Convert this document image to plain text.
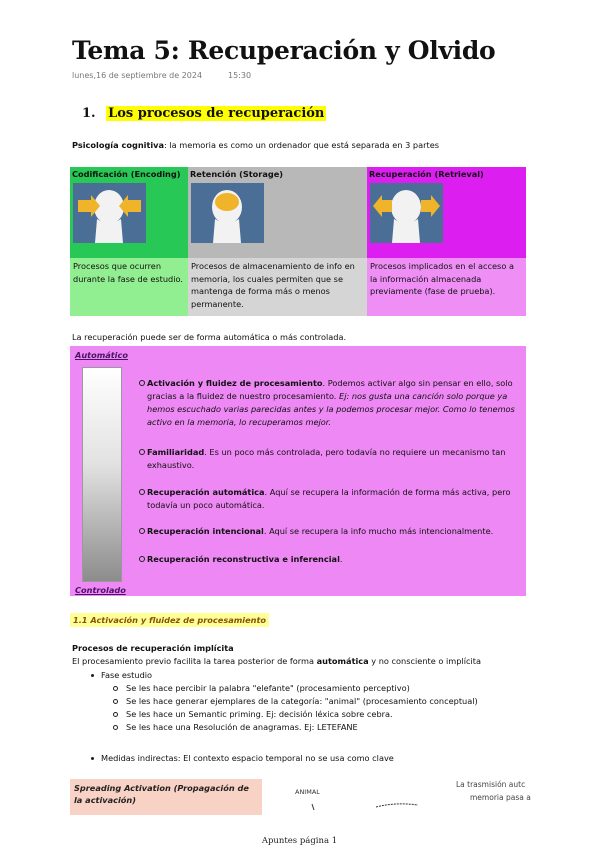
Tema 5: Recuperación y Olvido
lunes,16 de septiembre de 2024	15:30
1. Los procesos de recuperación
Psicología cognitiva: la memoria es como un ordenador que está separada en 3 partes
Codificación (Encoding)
Procesos que ocurren durante la fase de estudio.
Retención (Storage)
Procesos de almacenamiento de info en memoria, los cuales permiten que se mantenga de forma más o menos permanente.
Recuperación (Retrieval)
Procesos implicados en el acceso a la información almacenada previamente (fase de prueba).
La recuperación puede ser de forma automática o más controlada.
Automático
Controlado
Activación y fluidez de procesamiento. Podemos activar algo sin pensar en ello, solo gracias a la fluidez de nuestro procesamiento. Ej: nos gusta una canción solo porque ya hemos escuchado varias parecidas antes y la podemos procesar mejor. Como lo tenemos activo en la memoria, lo recuperamos mejor.
Familiaridad. Es un poco más controlada, pero todavía no requiere un mecanismo tan exhaustivo.
Recuperación automática. Aquí se recupera la información de forma más activa, pero todavía un poco automática.
Recuperación intencional. Aquí se recupera la info mucho más intencionalmente.
Recuperación reconstructiva e inferencial.
1.1 Activación y fluidez de procesamiento
Procesos de recuperación implícita
El procesamiento previo facilita la tarea posterior de forma automática y no consciente o implícita
Fase estudio
Se les hace percibir la palabra "elefante" (procesamiento perceptivo)
Se les hace generar ejemplares de la categoría: "animal" (procesamiento conceptual)
Se les hace un Semantic priming. Ej: decisión léxica sobre cebra.
Se les hace una Resolución de anagramas. Ej: LETEFANE
Medidas indirectas: El contexto espacio temporal no se usa como clave
Spreading Activation (Propagación de la activación)
ANIMAL
La trasmisión autc
memoria pasa a
Apuntes página 1
